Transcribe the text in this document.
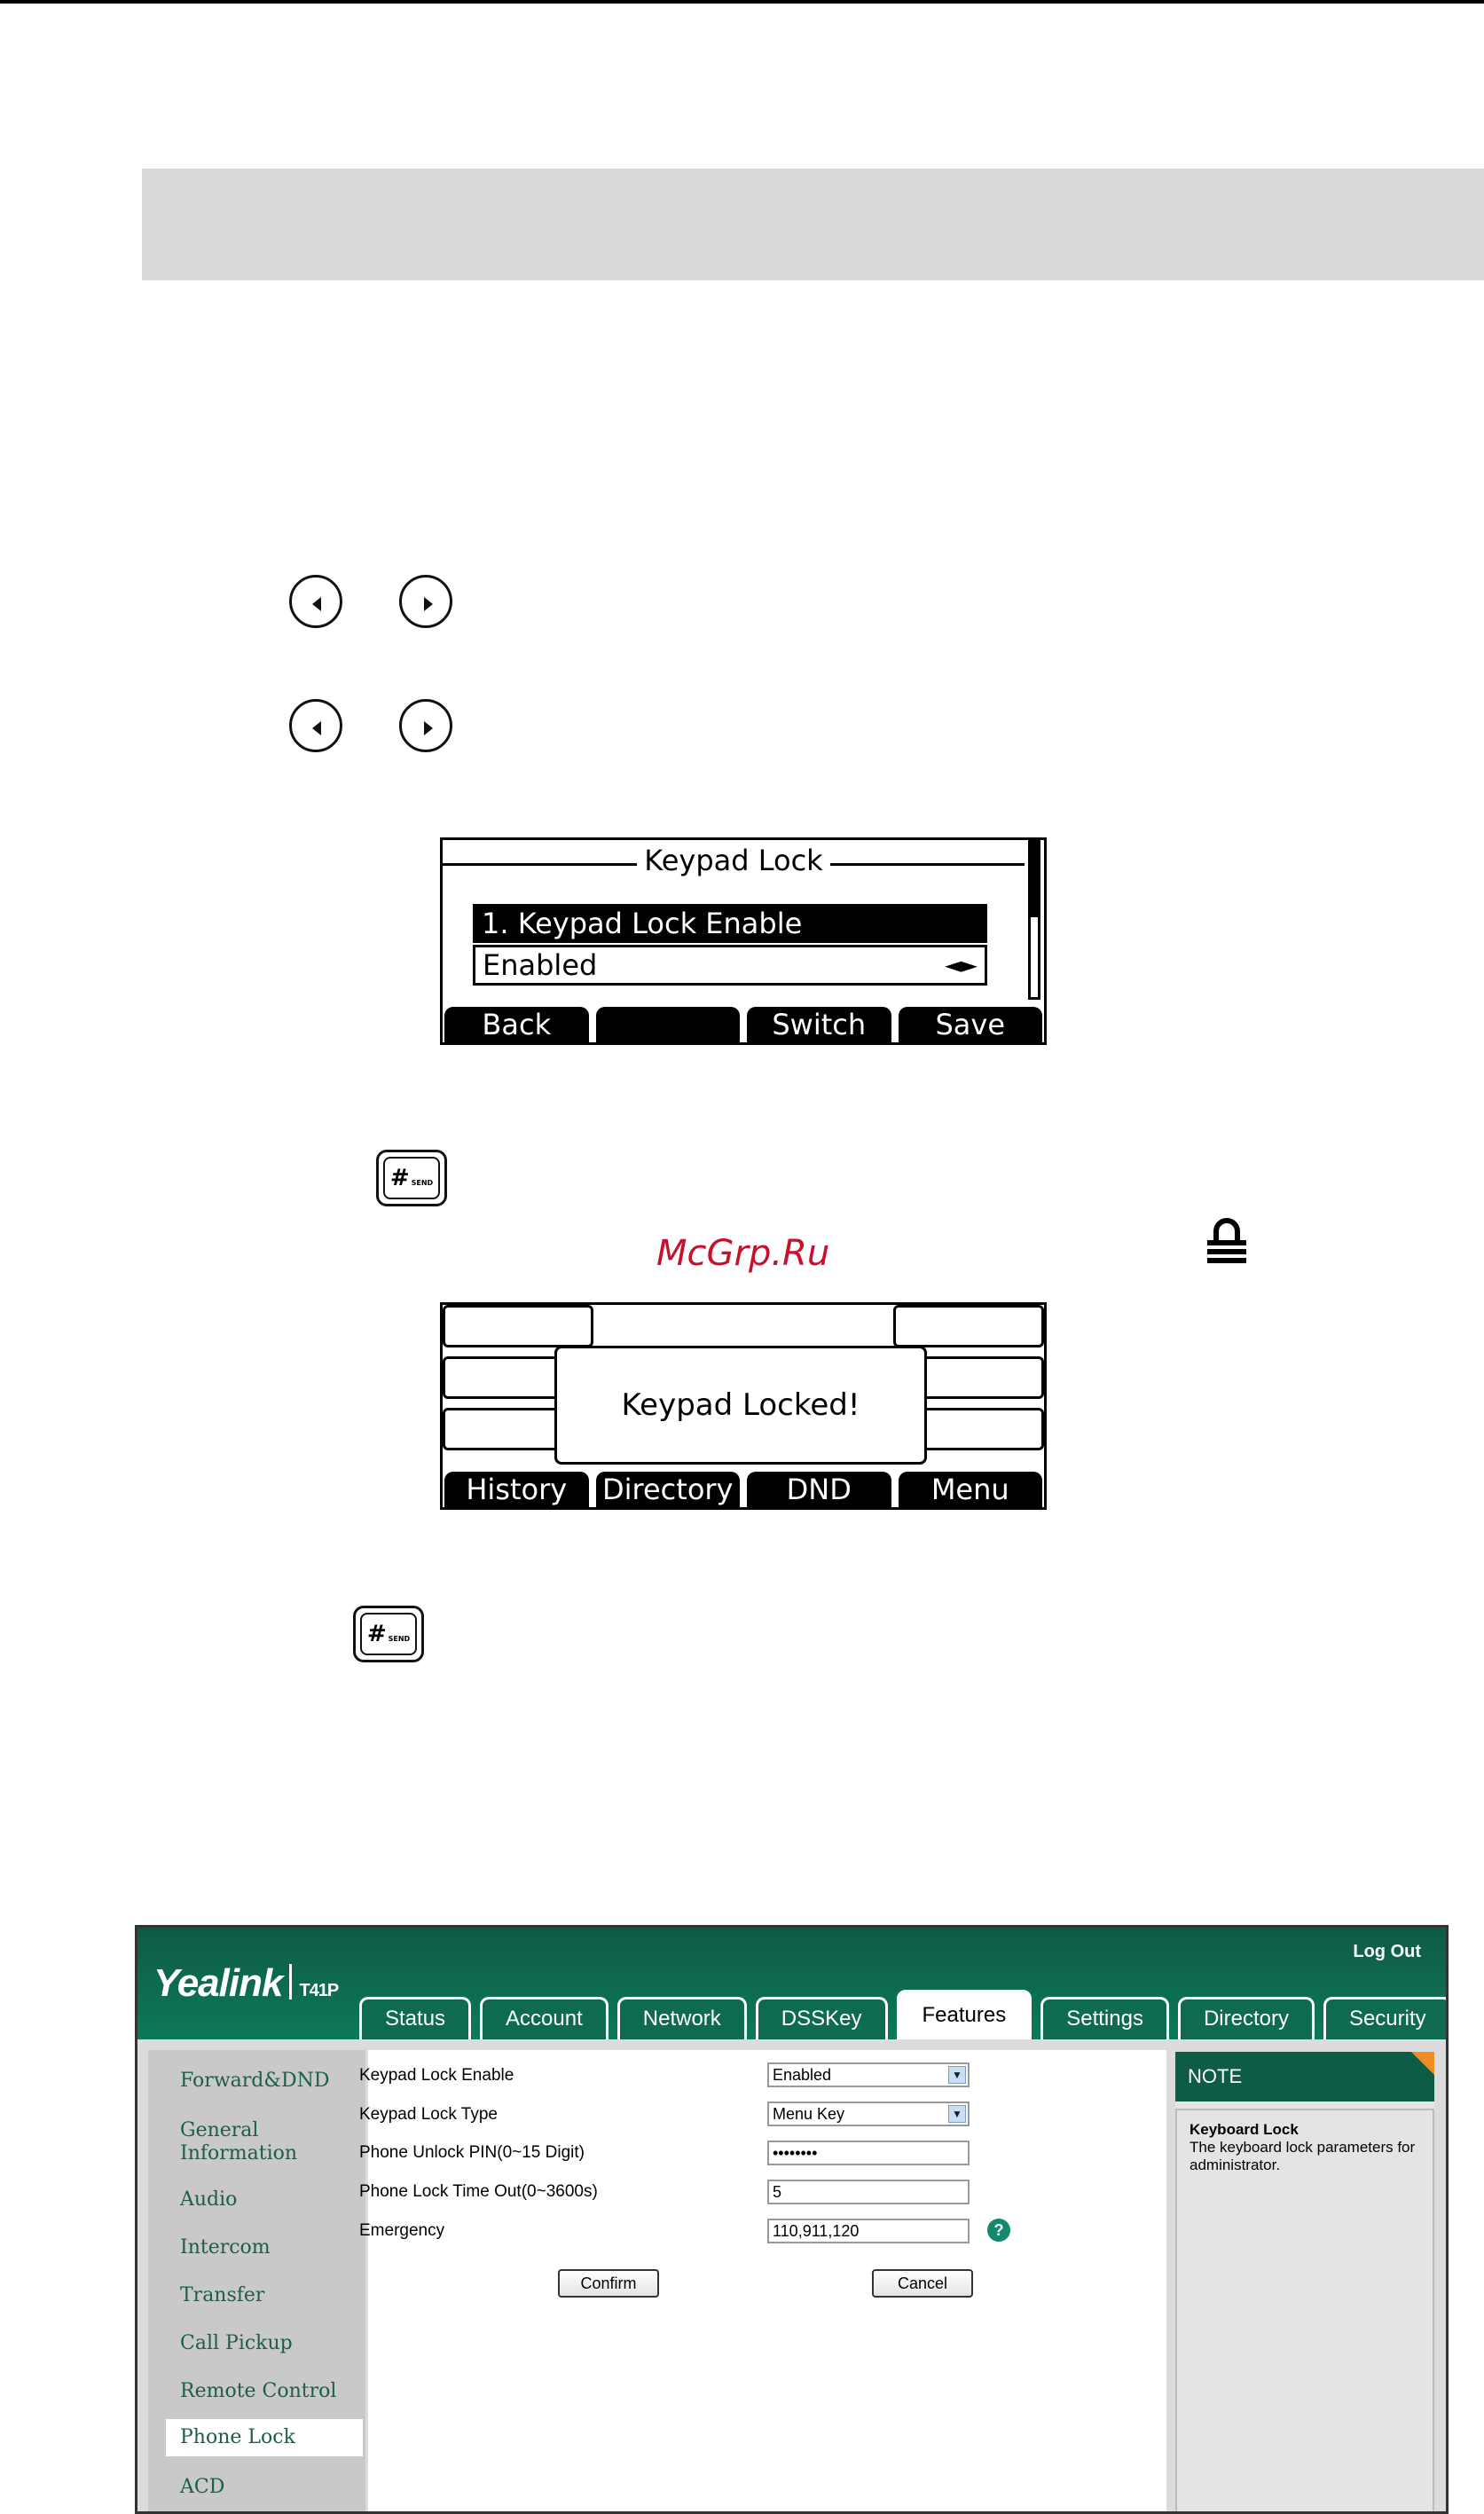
Keypad Lock
1. Keypad Lock Enable
Enabled	◄►
Back	Switch	Save
# SEND
McGrp.Ru
Keypad Locked!
History	Directory	DND	Menu
# SEND
Yealink T41P
Log Out
Status	Account	Network	DSSKey	Features	Settings	Directory	Security
Forward&DND
General Information
Audio
Intercom
Transfer
Call Pickup
Remote Control
Phone Lock
ACD
Keypad Lock Enable	Enabled	▼
Keypad Lock Type	Menu Key	▼
Phone Unlock PIN(0~15 Digit)	••••••••
Phone Lock Time Out(0~3600s)	5
Emergency	110,911,120	?
Confirm	Cancel
NOTE
Keyboard Lock
The keyboard lock parameters for administrator.
